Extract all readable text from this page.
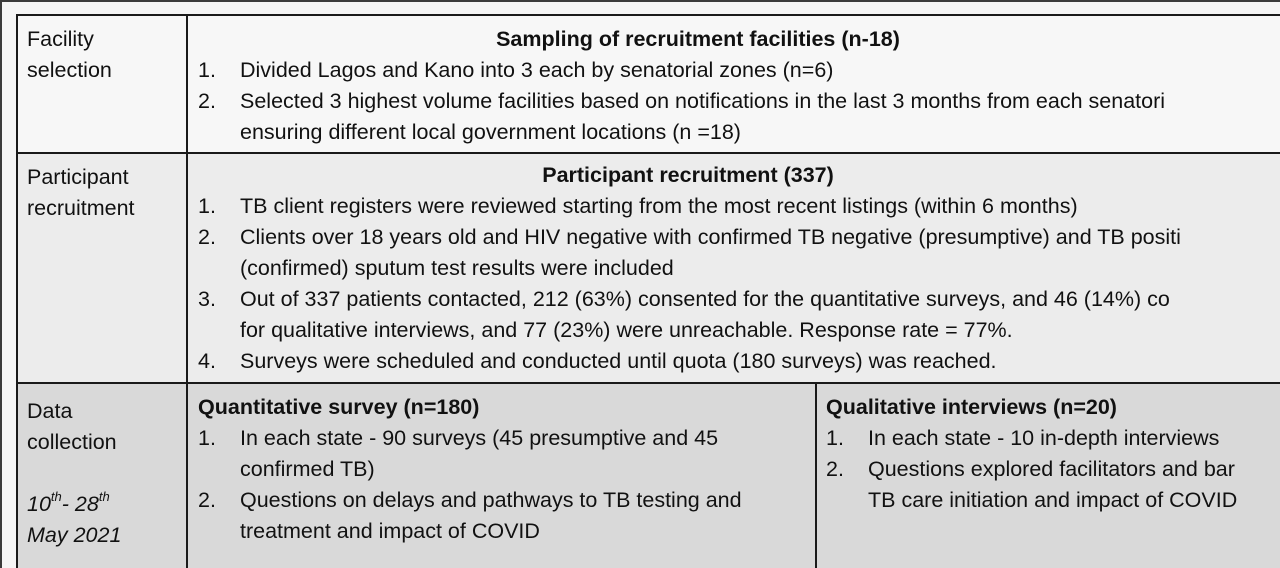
Facility
selection
Sampling of recruitment facilities (n-18)
1.	Divided Lagos and Kano into 3 each by senatorial zones (n=6)
2.	Selected 3 highest volume facilities based on notifications in the last 3 months from each senatori
ensuring different local government locations (n =18)
Participant
recruitment
Participant recruitment (337)
1.	TB client registers were reviewed starting from the most recent listings (within 6 months)
2.	Clients over 18 years old and HIV negative with confirmed TB negative (presumptive) and TB positi
(confirmed) sputum test results were included
3.	Out of 337 patients contacted, 212 (63%) consented for the quantitative surveys, and 46 (14%) co
for qualitative interviews, and 77 (23%) were unreachable. Response rate = 77%.
4.	Surveys were scheduled and conducted until quota (180 surveys) was reached.
Data
collection
10th- 28th
May 2021
Quantitative survey (n=180)
1.	In each state - 90 surveys (45 presumptive and 45
confirmed TB)
2.	Questions on delays and pathways to TB testing and
treatment and impact of COVID
Qualitative interviews (n=20)
1.	In each state - 10 in-depth interviews
2.	Questions explored facilitators and bar
TB care initiation and impact of COVID
